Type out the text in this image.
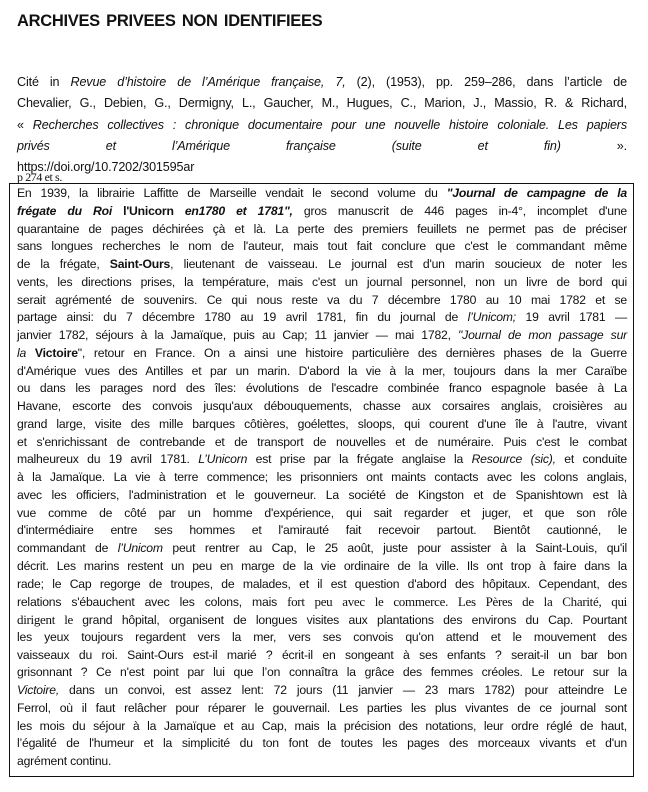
ARCHIVES PRIVEES NON IDENTIFIEES
Cité in Revue d’histoire de l’Amérique française, 7, (2), (1953), pp. 259–286, dans l’article de
Chevalier, G., Debien, G., Dermigny, L., Gaucher, M., Hugues, C., Marion, J., Massio, R. & Richard,
« Recherches collectives : chronique documentaire pour une nouvelle histoire coloniale. Les papiers
privés et l’Amérique française (suite et fin) ».
https://doi.org/10.7202/301595ar
p 274 et s.
En 1939, la librairie Laffitte de Marseille vendait le second volume du "Journal de campagne de la
frégate du Roi l'Unicorn en1780 et 1781", gros manuscrit de 446 pages in-4°, incomplet d'une
quarantaine de pages déchirées çà et là. La perte des premiers feuillets ne permet pas de préciser
sans longues recherches le nom de l'auteur, mais tout fait conclure que c'est le commandant même
de la frégate, Saint-Ours, lieutenant de vaisseau. Le journal est d'un marin soucieux de noter les
vents, les directions prises, la température, mais c'est un journal personnel, non un livre de bord qui
serait agrémenté de souvenirs. Ce qui nous reste va du 7 décembre 1780 au 10 mai 1782 et se
partage ainsi: du 7 décembre 1780 au 19 avril 1781, fin du journal de l’Unicom; 19 avril 1781 —
janvier 1782, séjours à la Jamaïque, puis au Cap; 11 janvier — mai 1782, "Journal de mon passage sur
la Victoire", retour en France. On a ainsi une histoire particulière des dernières phases de la Guerre
d'Amérique vues des Antilles et par un marin. D'abord la vie à la mer, toujours dans la mer Caraïbe
ou dans les parages nord des îles: évolutions de l'escadre combinée franco espagnole basée à La
Havane, escorte des convois jusqu'aux débouquements, chasse aux corsaires anglais, croisières au
grand large, visite des mille barques côtières, goélettes, sloops, qui courent d'une île à l'autre, vivant
et s'enrichissant de contrebande et de transport de nouvelles et de numéraire. Puis c'est le combat
malheureux du 19 avril 1781. L’Unicorn est prise par la frégate anglaise la Resource (sic), et conduite
à la Jamaïque. La vie à terre commence; les prisonniers ont maints contacts avec les colons anglais,
avec les officiers, l'administration et le gouverneur. La société de Kingston et de Spanishtown est là
vue comme de côté par un homme d'expérience, qui sait regarder et juger, et que son rôle
d'intermédiaire entre ses hommes et l'amirauté fait recevoir partout. Bientôt cautionné, le
commandant de l’Unicom peut rentrer au Cap, le 25 août, juste pour assister à la Saint-Louis, qu'il
décrit. Les marins restent un peu en marge de la vie ordinaire de la ville. Ils ont trop à faire dans la
rade; le Cap regorge de troupes, de malades, et il est question d'abord des hôpitaux. Cependant, des
relations s'ébauchent avec les colons, mais fort peu avec le commerce. Les Pères de la Charité, qui
dirigent le grand hôpital, organisent de longues visites aux plantations des environs du Cap. Pourtant
les yeux toujours regardent vers la mer, vers ses convois qu'on attend et le mouvement des
vaisseaux du roi. Saint-Ours est-il marié ? écrit-il en songeant à ses enfants ? serait-il un bar bon
grisonnant ? Ce n'est point par lui que l’on connaîtra la grâce des femmes créoles. Le retour sur la
Victoire, dans un convoi, est assez lent: 72 jours (11 janvier — 23 mars 1782) pour atteindre Le
Ferrol, où il faut relâcher pour réparer le gouvernail. Les parties les plus vivantes de ce journal sont
les mois du séjour à la Jamaïque et au Cap, mais la précision des notations, leur ordre réglé de haut,
l’égalité de l'humeur et la simplicité du ton font de toutes les pages des morceaux vivants et d'un
agrément continu.
